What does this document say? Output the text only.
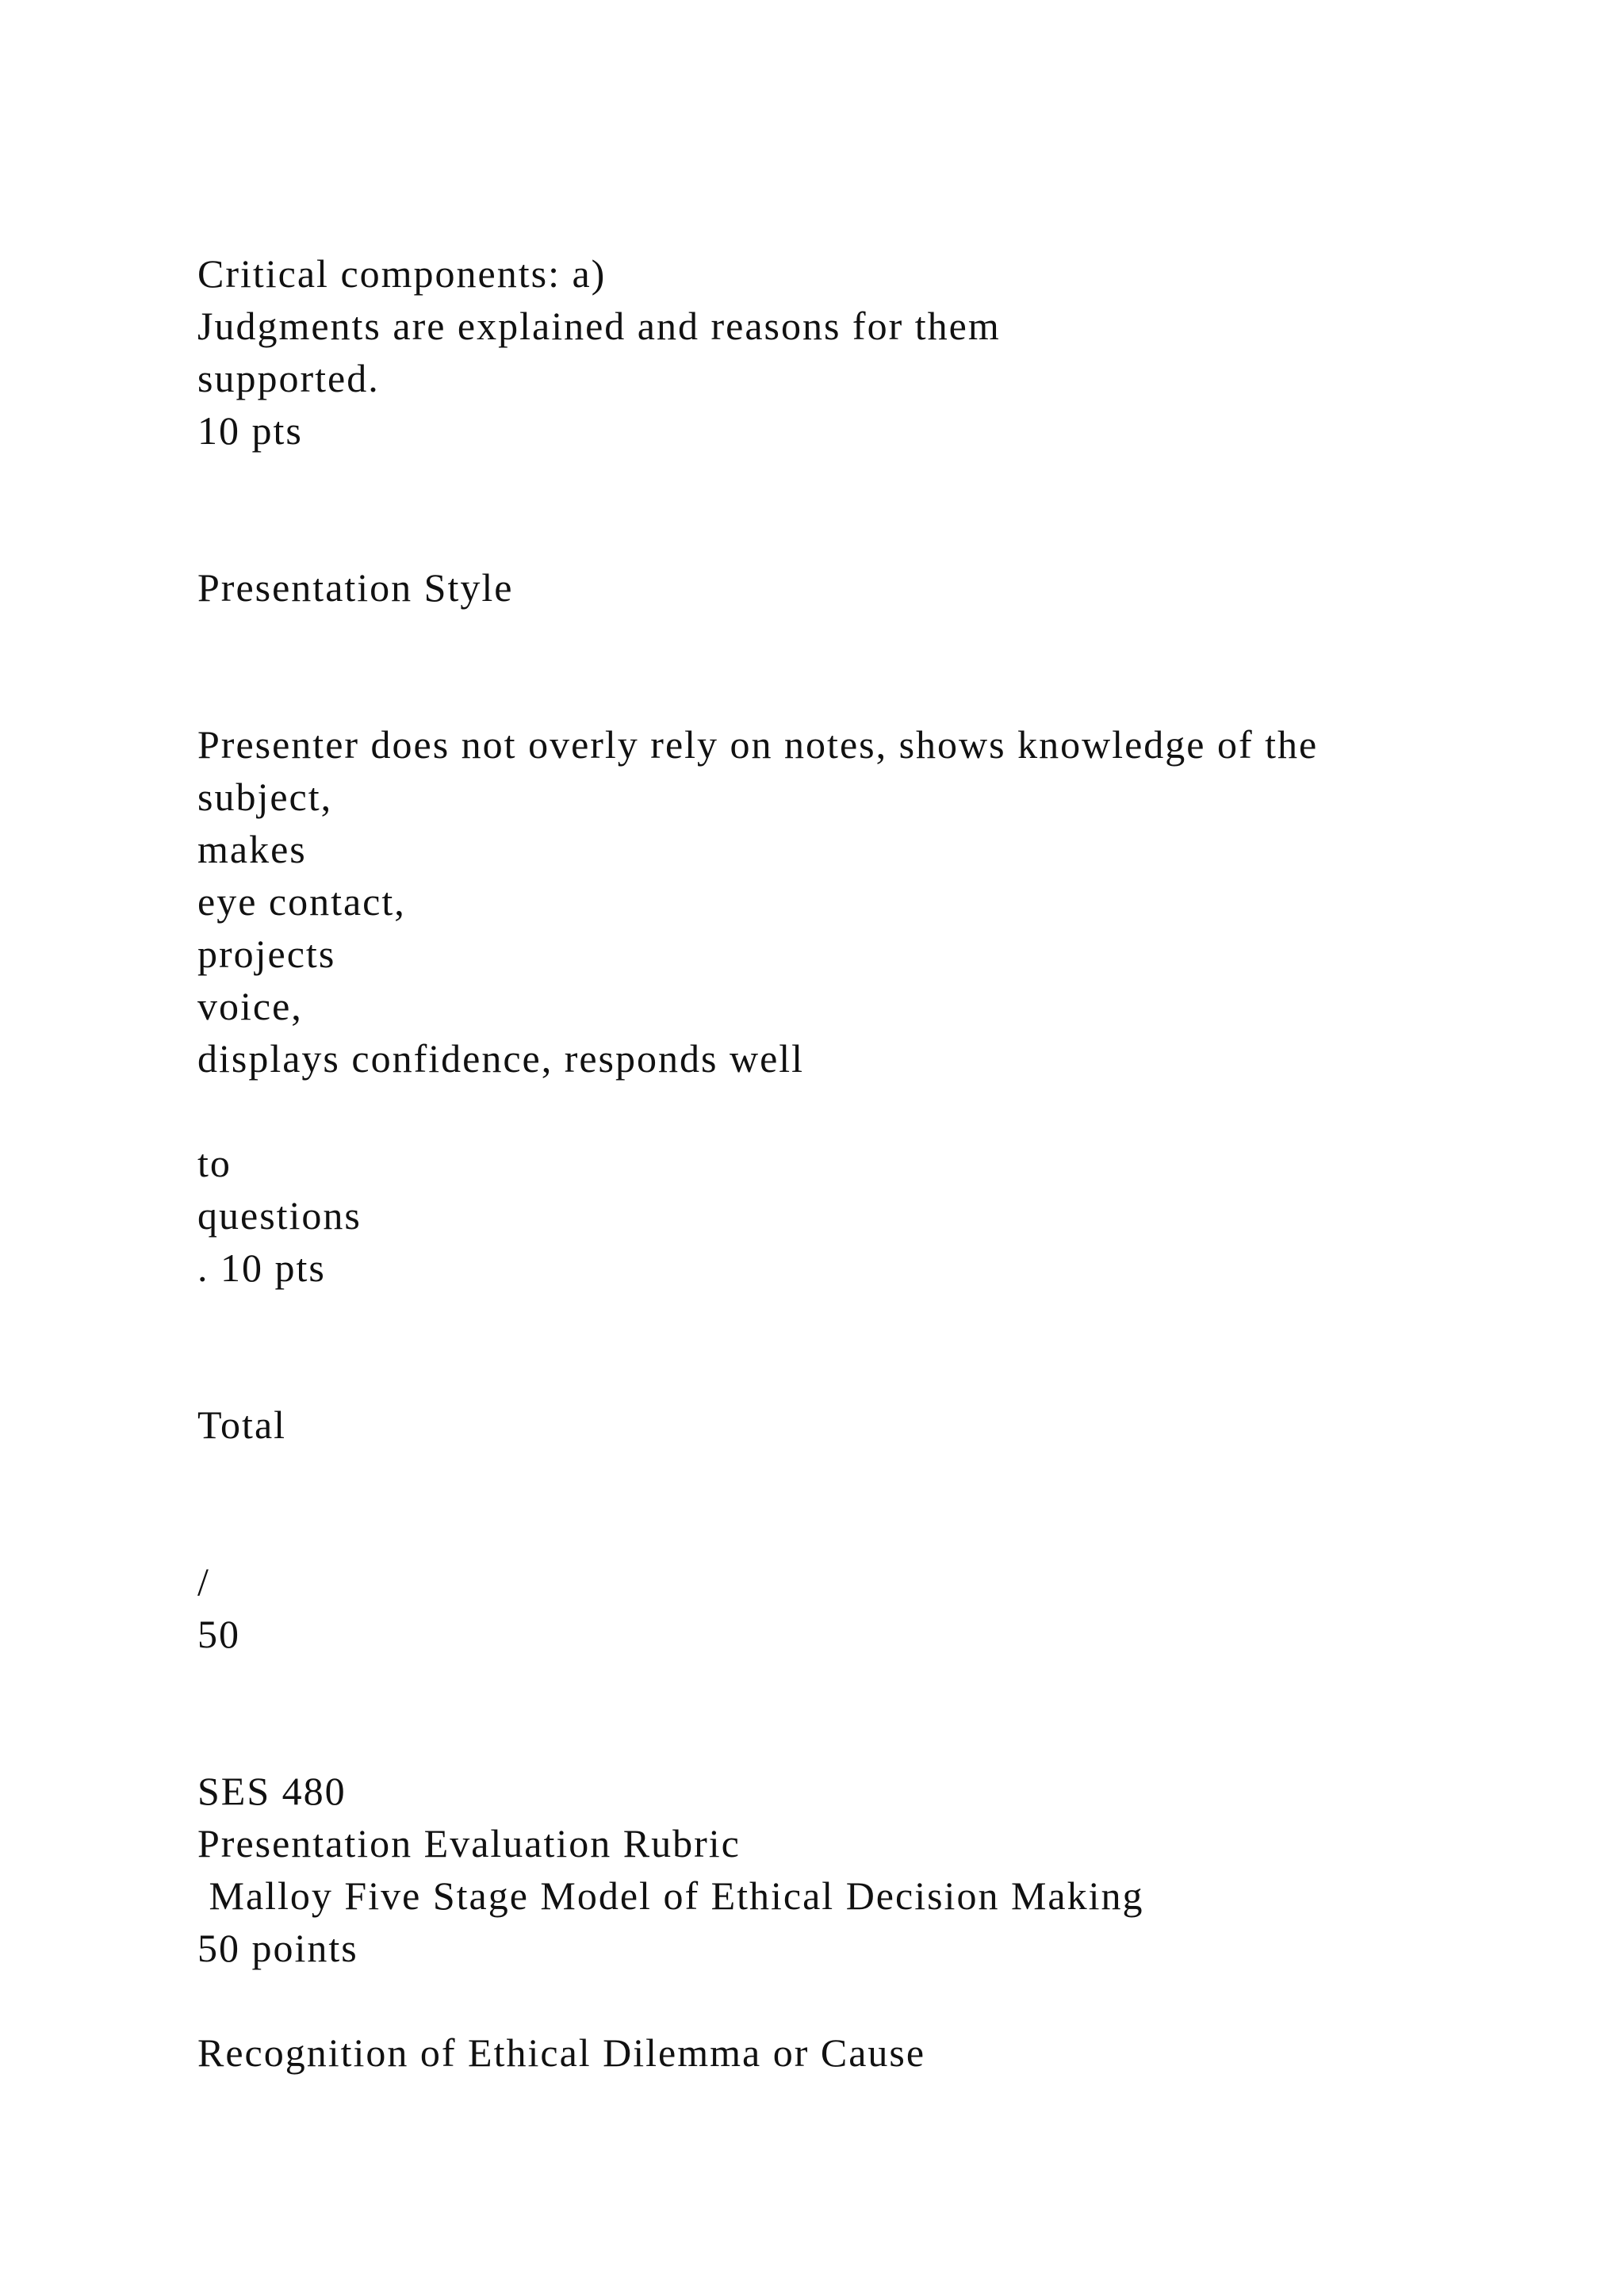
Critical components: a)

Judgments are explained and reasons for them

supported.

10 pts

Presentation Style

Presenter does not overly rely on notes, shows knowledge of the

subject,

makes

eye contact,

projects

voice,

displays confidence, responds well

to

questions

. 10 pts

Total

/

50

SES 480

Presentation Evaluation Rubric

Malloy Five Stage Model of Ethical Decision Making

50 points

Recognition of Ethical Dilemma or Cause
